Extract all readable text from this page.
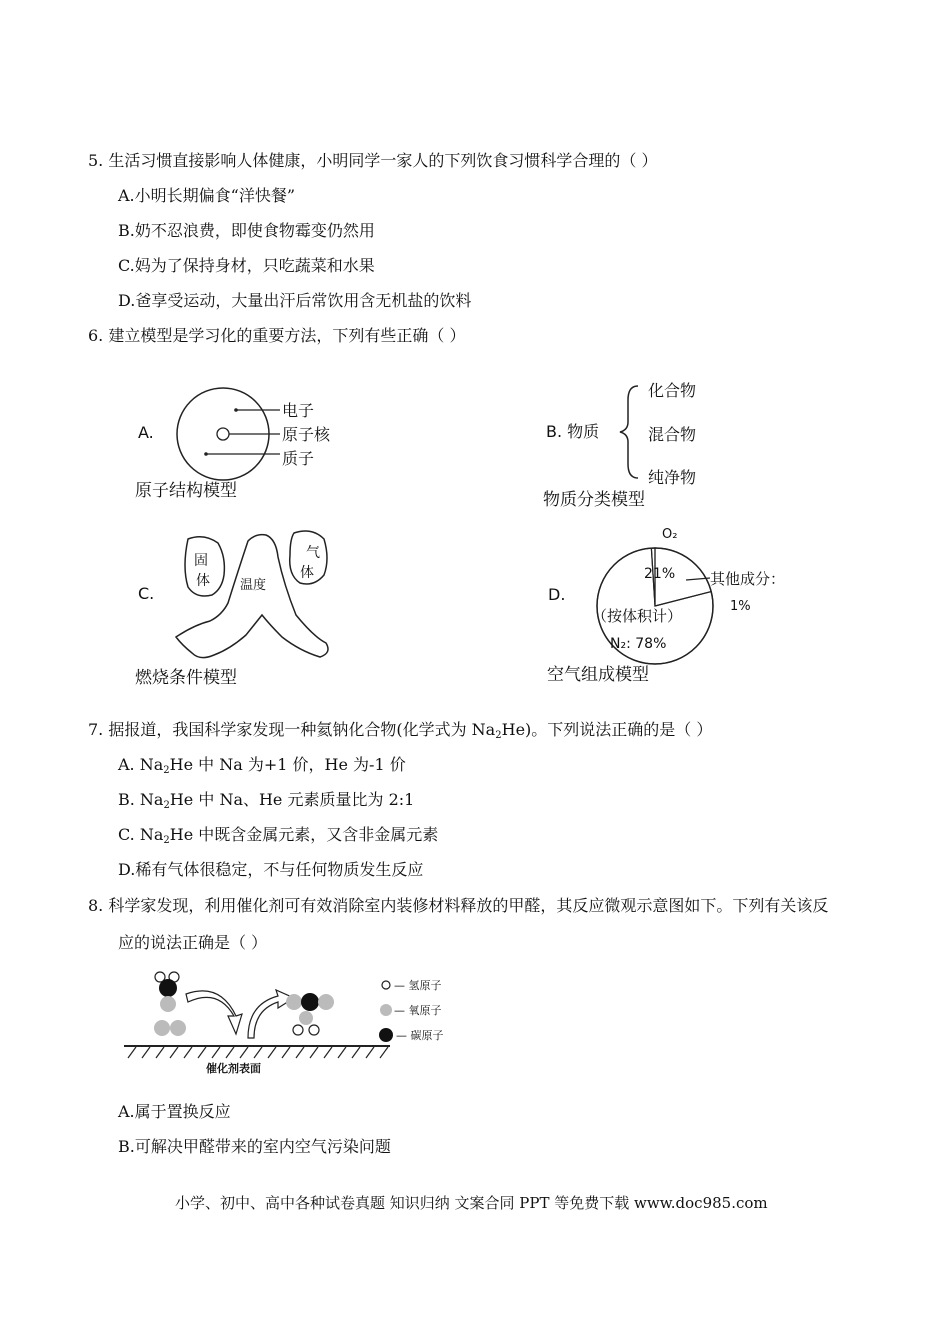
5. 生活习惯直接影响人体健康，小明同学一家人的下列饮食习惯科学合理的（ ）
A.小明长期偏食“洋快餐”
B.奶不忍浪费，即使食物霉变仍然用
C.妈为了保持身材，只吃蔬菜和水果
D.爸享受运动，大量出汗后常饮用含无机盐的饮料
6. 建立模型是学习化的重要方法，下列有些正确（ ）
A.
电子
原子核
质子
原子结构模型
B. 物质
化合物
混合物
纯净物
物质分类模型
C.
固
体
气
体
温度
燃烧条件模型
D.
O₂
21%
（按体积计）
N₂: 78%
其他成分：
1%
空气组成模型
7. 据报道，我国科学家发现一种氦钠化合物(化学式为 $Na_2He$)。下列说法正确的是（ ）
A. $Na_2He$ 中 Na 为+1 价，He 为-1 价
B. $Na_2He$ 中 Na、He 元素质量比为 2:1
C. $Na_2He$ 中既含金属元素，又含非金属元素
D.稀有气体很稳定，不与任何物质发生反应
8. 科学家发现，利用催化剂可有效消除室内装修材料释放的甲醛，其反应微观示意图如下。下列有关该反
应的说法正确是（ ）
催化剂表面
— 氢原子
— 氧原子
— 碳原子
A.属于置换反应
B.可解决甲醛带来的室内空气污染问题
小学、初中、高中各种试卷真题 知识归纳 文案合同 PPT 等免费下载 www.doc985.com
